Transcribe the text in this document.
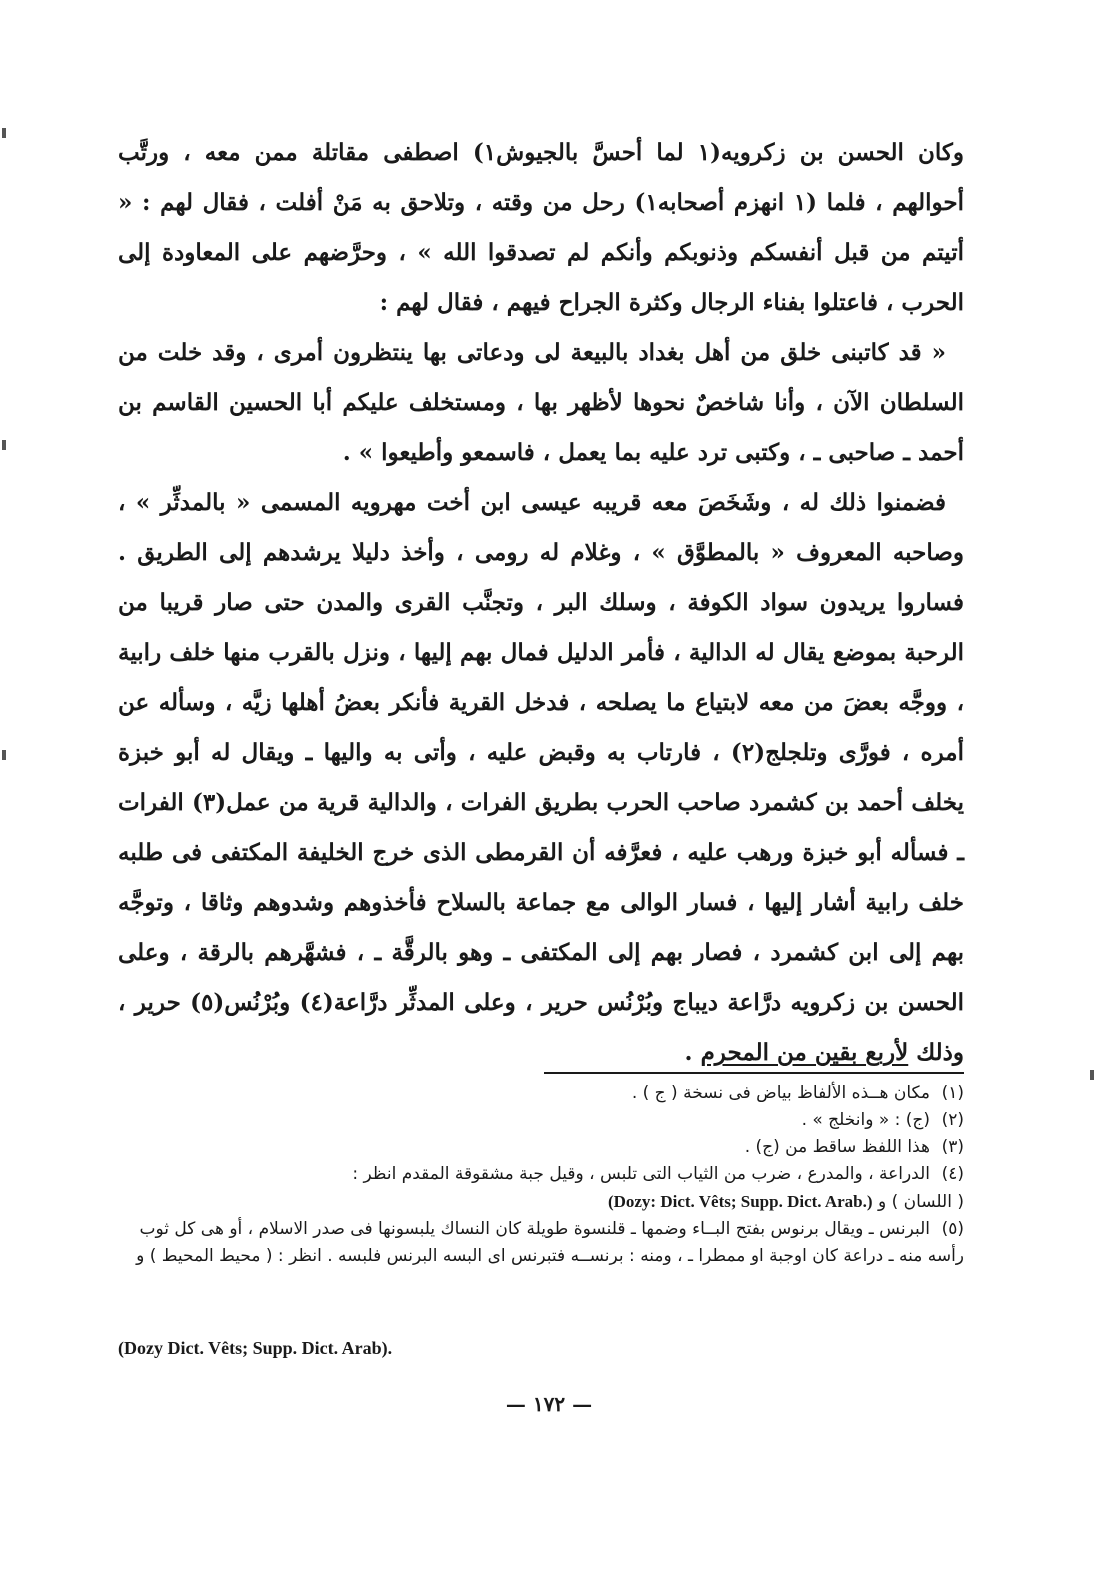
وكان الحسن بن زكرويه(١ لما أحسَّ بالجيوش١) اصطفى مقاتلة ممن معه ، ورتَّب أحوالهم ، فلما (١ انهزم أصحابه١) رحل من وقته ، وتلاحق به مَنْ أفلت ، فقال لهم : « أتيتم من قبل أنفسكم وذنوبكم وأنكم لم تصدقوا الله » ، وحرَّضهم على المعاودة إلى الحرب ، فاعتلوا بفناء الرجال وكثرة الجراح فيهم ، فقال لهم :

« قد كاتبنى خلق من أهل بغداد بالبيعة لى ودعاتى بها ينتظرون أمرى ، وقد خلت من السلطان الآن ، وأنا شاخصٌ نحوها لأظهر بها ، ومستخلف عليكم أبا الحسين القاسم بن أحمد ـ صاحبى ـ ، وكتبى ترد عليه بما يعمل ، فاسمعو وأطيعوا » .

فضمنوا ذلك له ، وشَخَصَ معه قريبه عيسى ابن أخت مهرويه المسمى « بالمدثِّر » ، وصاحبه المعروف « بالمطوَّق » ، وغلام له رومى ، وأخذ دليلا يرشدهم إلى الطريق . فساروا يريدون سواد الكوفة ، وسلك البر ، وتجنَّب القرى والمدن حتى صار قريبا من الرحبة بموضع يقال له الدالية ، فأمر الدليل فمال بهم إليها ، ونزل بالقرب منها خلف رابية ، ووجَّه بعضَ من معه لابتياع ما يصلحه ، فدخل القرية فأنكر بعضُ أهلها زيَّه ، وسأله عن أمره ، فورَّى وتلجلج(٢) ، فارتاب به وقبض عليه ، وأتى به واليها ـ ويقال له أبو خبزة يخلف أحمد بن كشمرد صاحب الحرب بطريق الفرات ، والدالية قرية من عمل(٣) الفرات ـ فسأله أبو خبزة ورهب عليه ، فعرَّفه أن القرمطى الذى خرج الخليفة المكتفى فى طلبه خلف رابية أشار إليها ، فسار الوالى مع جماعة بالسلاح فأخذوهم وشدوهم وثاقا ، وتوجَّه بهم إلى ابن كشمرد ، فصار بهم إلى المكتفى ـ وهو بالرقَّة ـ ، فشهَّرهم بالرقة ، وعلى الحسن بن زكرويه درَّاعة ديباج وبُرْنُس حرير ، وعلى المدثِّر درَّاعة(٤) وبُرْنُس(٥) حرير ، وذلك لأربع بقين من المحرم .

(١)مكان هــذه الألفاظ بياض فى نسخة ( ج ) .

(٢)(ج) : « وانخلج » .

(٣)هذا اللفظ ساقط من (ج) .

(٤)الدراعة ، والمدرع ، ضرب من الثياب التى تلبس ، وقيل جبة مشقوقة المقدم انظر :

( اللسان ) و (Dozy: Dict. Vêts; Supp. Dict. Arab.)

(٥)البرنس ـ ويقال برنوس بفتح البــاء وضمها ـ قلنسوة طويلة كان النساك يلبسونها فى صدر الاسلام ، أو هى كل ثوب رأسه منه ـ دراعة كان اوجبة او ممطرا ـ ، ومنه : برنســه فتبرنس اى البسه البرنس فلبسه . انظر : ( محيط المحيط ) و

(Dozy Dict. Vêts; Supp. Dict. Arab).
— ١٧٢ —
